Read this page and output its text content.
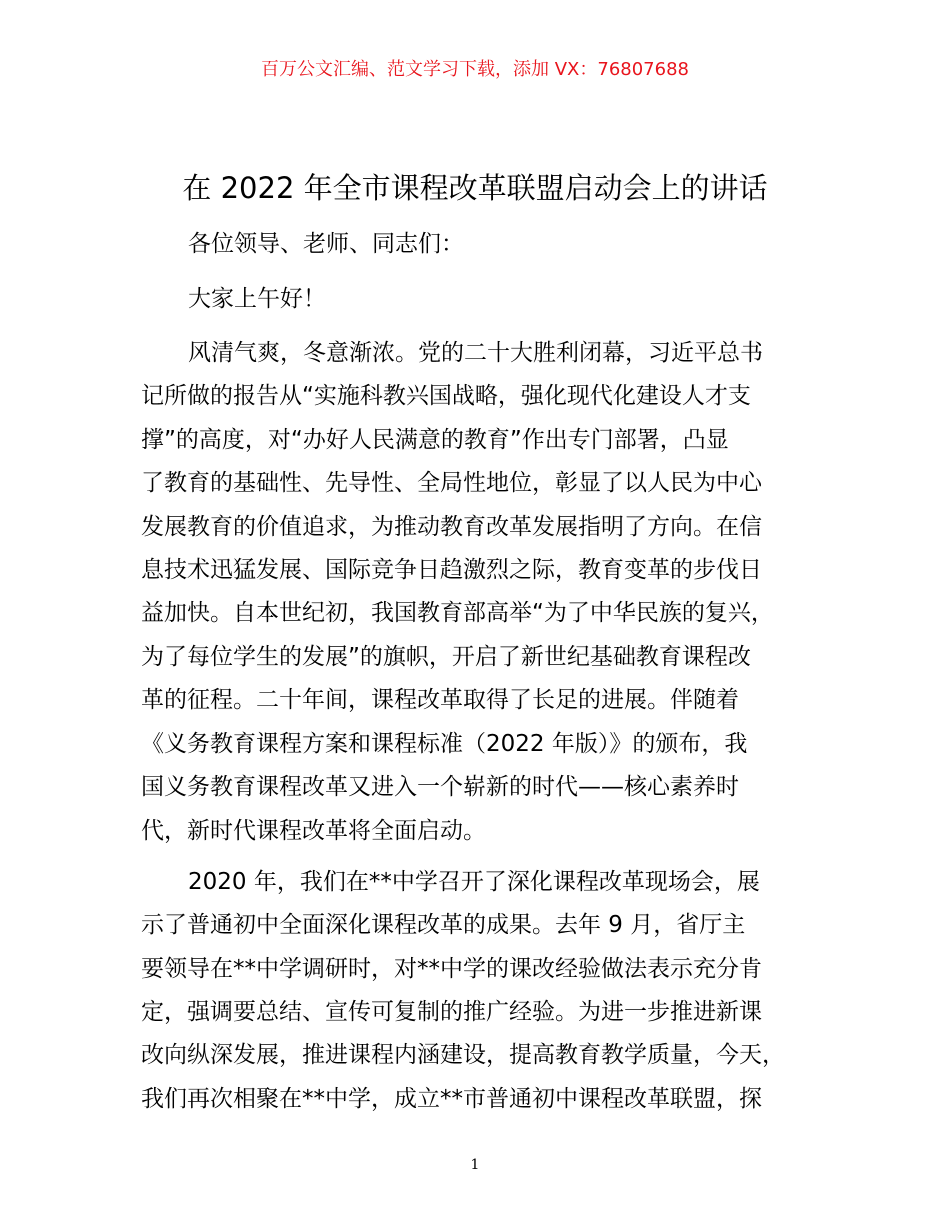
百万公文汇编、范文学习下载，添加 VX：76807688
在 2022 年全市课程改革联盟启动会上的讲话
各位领导、老师、同志们：
大家上午好！
风清气爽，冬意渐浓。党的二十大胜利闭幕，习近平总书
记所做的报告从“实施科教兴国战略，强化现代化建设人才支
撑”的高度，对“办好人民满意的教育”作出专门部署，凸显
了教育的基础性、先导性、全局性地位，彰显了以人民为中心
发展教育的价值追求，为推动教育改革发展指明了方向。在信
息技术迅猛发展、国际竞争日趋激烈之际，教育变革的步伐日
益加快。自本世纪初，我国教育部高举“为了中华民族的复兴，
为了每位学生的发展”的旗帜，开启了新世纪基础教育课程改
革的征程。二十年间，课程改革取得了长足的进展。伴随着
《义务教育课程方案和课程标准（2022 年版）》的颁布，我
国义务教育课程改革又进入一个崭新的时代——核心素养时
代，新时代课程改革将全面启动。
2020 年，我们在**中学召开了深化课程改革现场会，展
示了普通初中全面深化课程改革的成果。去年 9 月，省厅主
要领导在**中学调研时，对**中学的课改经验做法表示充分肯
定，强调要总结、宣传可复制的推广经验。为进一步推进新课
改向纵深发展，推进课程内涵建设，提高教育教学质量，今天，
我们再次相聚在**中学，成立**市普通初中课程改革联盟，探
1
